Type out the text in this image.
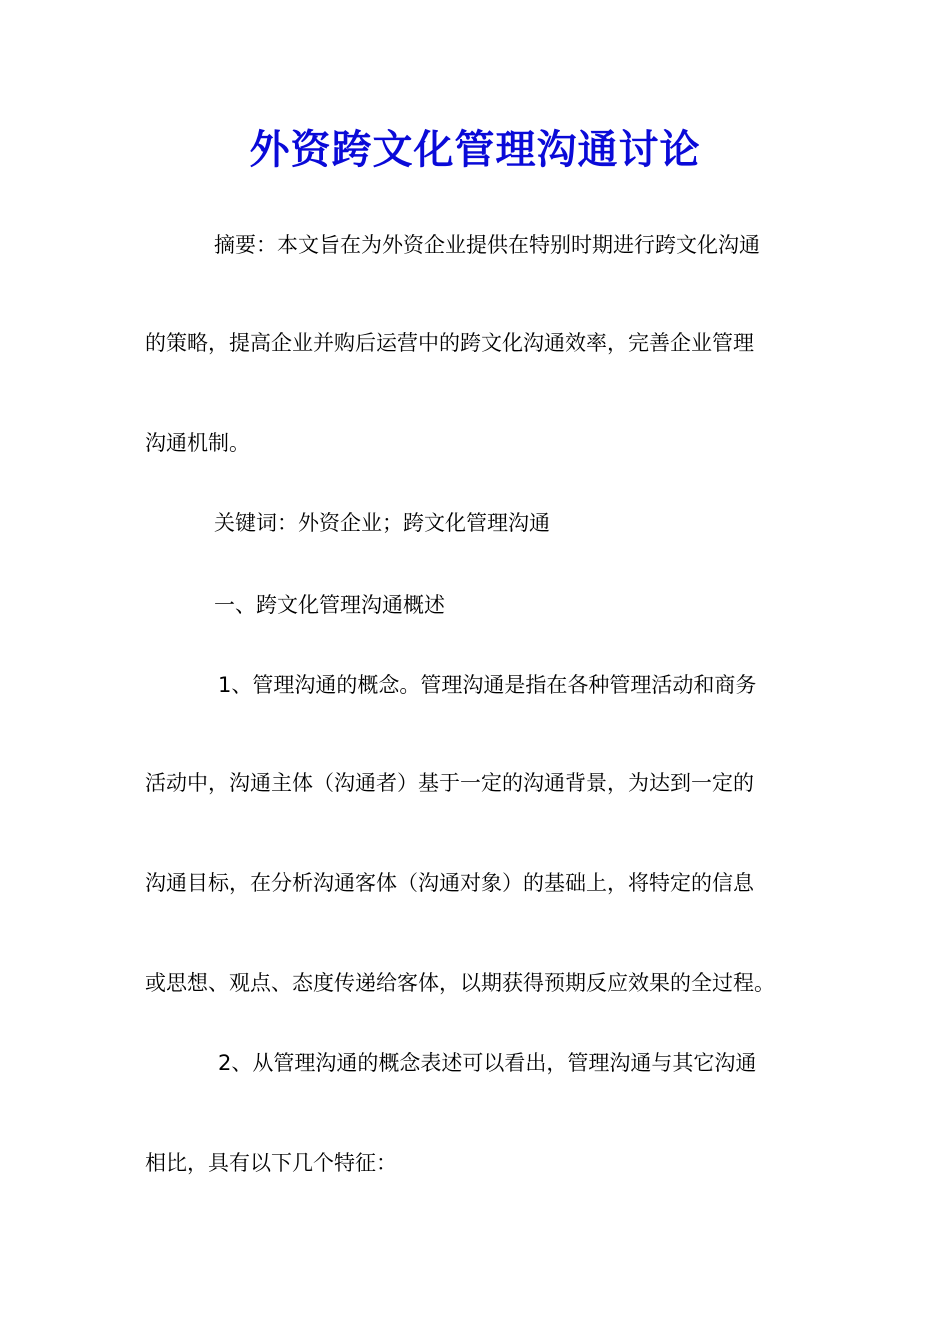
外资跨文化管理沟通讨论
摘要：本文旨在为外资企业提供在特别时期进行跨文化沟通
的策略，提高企业并购后运营中的跨文化沟通效率，完善企业管理
沟通机制。
关键词：外资企业；跨文化管理沟通
一、跨文化管理沟通概述
1、管理沟通的概念。管理沟通是指在各种管理活动和商务
活动中，沟通主体（沟通者）基于一定的沟通背景，为达到一定的
沟通目标，在分析沟通客体（沟通对象）的基础上，将特定的信息
或思想、观点、态度传递给客体，以期获得预期反应效果的全过程。
2、从管理沟通的概念表述可以看出，管理沟通与其它沟通
相比，具有以下几个特征：
